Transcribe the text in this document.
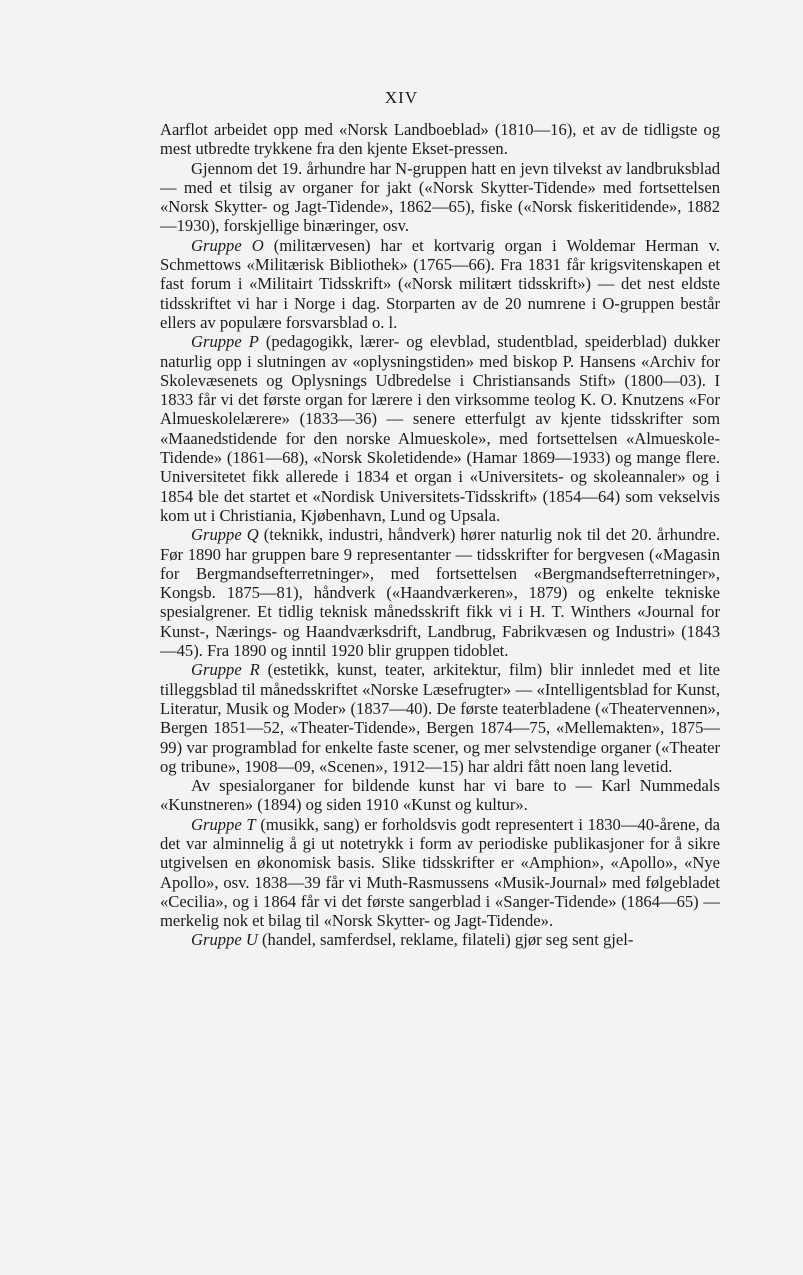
XIV

Aarflot arbeidet opp med «Norsk Landboeblad» (1810—16), et av de tidligste og mest utbredte trykkene fra den kjente Ekset-pressen.

Gjennom det 19. århundre har N-gruppen hatt en jevn tilvekst av landbruksblad — med et tilsig av organer for jakt («Norsk Skytter-Tidende» med fortsettelsen «Norsk Skytter- og Jagt-Tidende», 1862—65), fiske («Norsk fiskeritidende», 1882—1930), forskjellige binæringer, osv.

Gruppe O (militærvesen) har et kortvarig organ i Woldemar Herman v. Schmettows «Militærisk Bibliothek» (1765—66). Fra 1831 får krigsvitenskapen et fast forum i «Militairt Tidsskrift» («Norsk militært tidsskrift») — det nest eldste tidsskriftet vi har i Norge i dag. Storparten av de 20 numrene i O-gruppen består ellers av populære forsvarsblad o. l.

Gruppe P (pedagogikk, lærer- og elevblad, studentblad, speiderblad) dukker naturlig opp i slutningen av «oplysningstiden» med biskop P. Hansens «Archiv for Skolevæsenets og Oplysnings Udbredelse i Christiansands Stift» (1800—03). I 1833 får vi det første organ for lærere i den virksomme teolog K. O. Knutzens «For Almueskolelærere» (1833—36) — senere etterfulgt av kjente tidsskrifter som «Maanedstidende for den norske Almueskole», med fortsettelsen «Almueskole-Tidende» (1861—68), «Norsk Skoletidende» (Hamar 1869—1933) og mange flere. Universitetet fikk allerede i 1834 et organ i «Universitets- og skoleannaler» og i 1854 ble det startet et «Nordisk Universitets-Tidsskrift» (1854—64) som vekselvis kom ut i Christiania, Kjøbenhavn, Lund og Upsala.

Gruppe Q (teknikk, industri, håndverk) hører naturlig nok til det 20. århundre. Før 1890 har gruppen bare 9 representanter — tidsskrifter for bergvesen («Magasin for Bergmandsefterretninger», med fortsettelsen «Bergmandsefterretninger», Kongsb. 1875—81), håndverk («Haandværkeren», 1879) og enkelte tekniske spesialgrener. Et tidlig teknisk månedsskrift fikk vi i H. T. Winthers «Journal for Kunst-, Nærings- og Haandværksdrift, Landbrug, Fabrikvæsen og Industri» (1843—45). Fra 1890 og inntil 1920 blir gruppen tidoblet.

Gruppe R (estetikk, kunst, teater, arkitektur, film) blir innledet med et lite tilleggsblad til månedsskriftet «Norske Læsefrugter» — «Intelligentsblad for Kunst, Literatur, Musik og Moder» (1837—40). De første teaterbladene («Theatervennen», Bergen 1851—52, «Theater-Tidende», Bergen 1874—75, «Mellemakten», 1875—99) var programblad for enkelte faste scener, og mer selvstendige organer («Theater og tribune», 1908—09, «Scenen», 1912—15) har aldri fått noen lang levetid.

Av spesialorganer for bildende kunst har vi bare to — Karl Nummedals «Kunstneren» (1894) og siden 1910 «Kunst og kultur».

Gruppe T (musikk, sang) er forholdsvis godt representert i 1830—40-årene, da det var alminnelig å gi ut notetrykk i form av periodiske publikasjoner for å sikre utgivelsen en økonomisk basis. Slike tidsskrifter er «Amphion», «Apollo», «Nye Apollo», osv. 1838—39 får vi Muth-Rasmussens «Musik-Journal» med følgebladet «Cecilia», og i 1864 får vi det første sangerblad i «Sanger-Tidende» (1864—65) — merkelig nok et bilag til «Norsk Skytter- og Jagt-Tidende».

Gruppe U (handel, samferdsel, reklame, filateli) gjør seg sent gjel-
